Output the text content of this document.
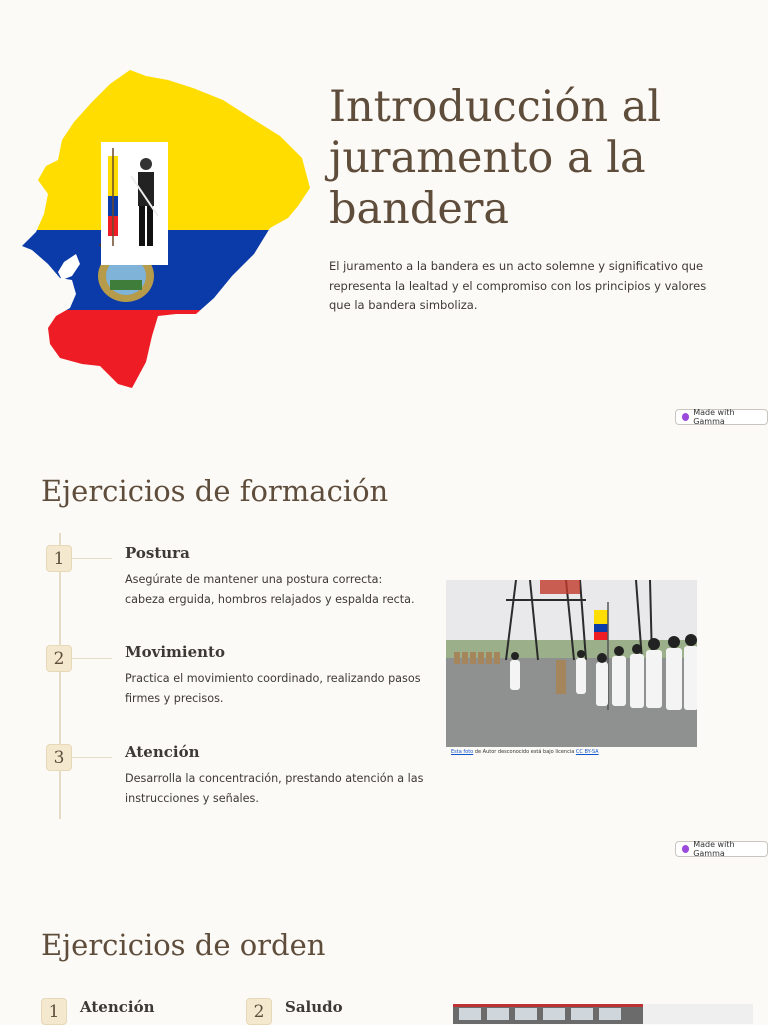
Introducción al juramento a la bandera

El juramento a la bandera es un acto solemne y significativo que representa la lealtad y el compromiso con los principios y valores que la bandera simboliza.

Made with Gamma
Ejercicios de formación
1	Postura

Asegúrate de mantener una postura correcta: cabeza erguida, hombros relajados y espalda recta.

2	Movimiento

Practica el movimiento coordinado, realizando pasos firmes y precisos.

3	Atención

Desarrolla la concentración, prestando atención a las instrucciones y señales.

Esta foto de Autor desconocido está bajo licencia CC BY-SA
Made with Gamma
Ejercicios de orden
1	Atención	2	Saludo
